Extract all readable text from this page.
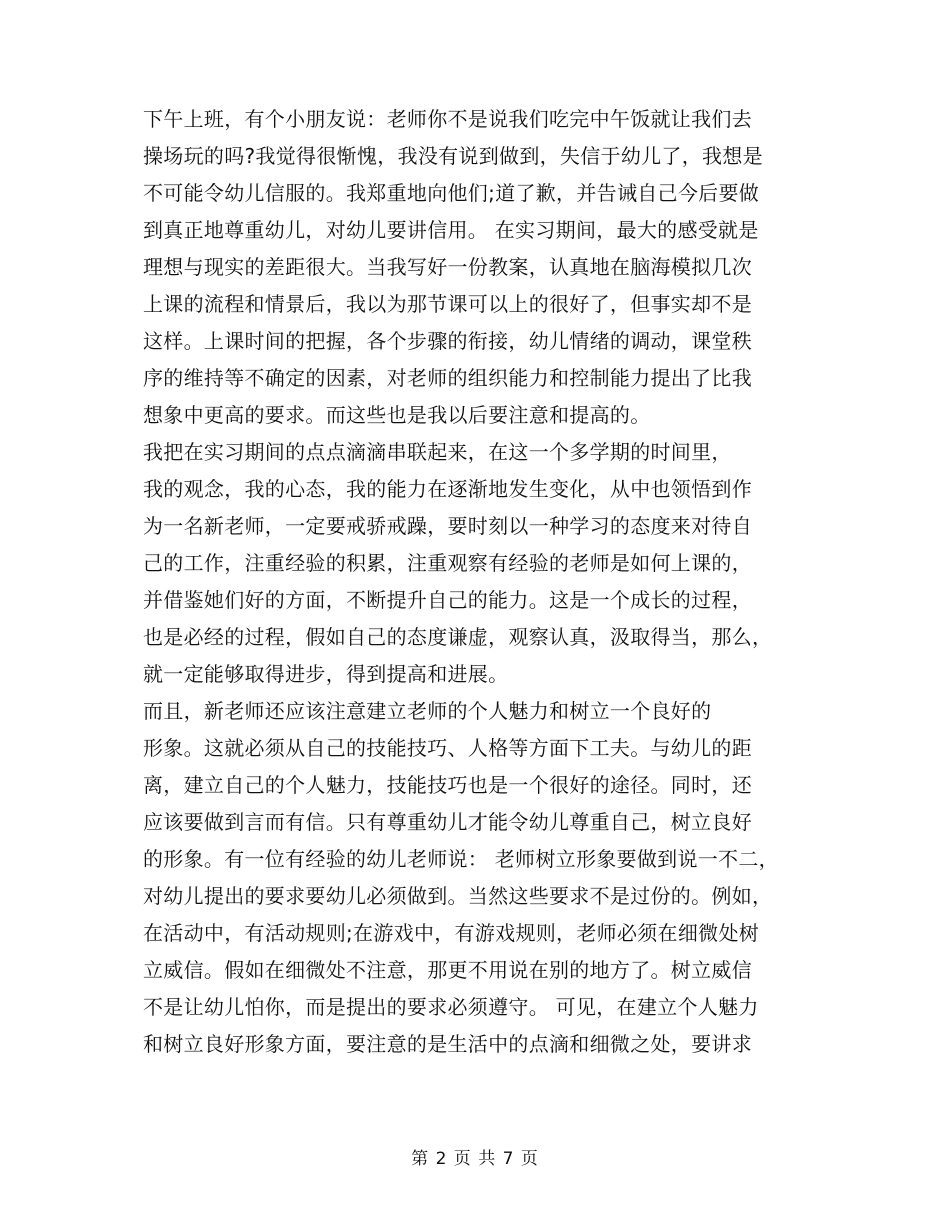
下午上班，有个小朋友说：老师你不是说我们吃完中午饭就让我们去
操场玩的吗?我觉得很惭愧，我没有说到做到，失信于幼儿了，我想是
不可能令幼儿信服的。我郑重地向他们;道了歉，并告诫自己今后要做
到真正地尊重幼儿，对幼儿要讲信用。 在实习期间，最大的感受就是
理想与现实的差距很大。当我写好一份教案，认真地在脑海模拟几次
上课的流程和情景后，我以为那节课可以上的很好了，但事实却不是
这样。上课时间的把握，各个步骤的衔接，幼儿情绪的调动，课堂秩
序的维持等不确定的因素，对老师的组织能力和控制能力提出了比我
想象中更高的要求。而这些也是我以后要注意和提高的。
我把在实习期间的点点滴滴串联起来，在这一个多学期的时间里，
我的观念，我的心态，我的能力在逐渐地发生变化，从中也领悟到作
为一名新老师，一定要戒骄戒躁，要时刻以一种学习的态度来对待自
己的工作，注重经验的积累，注重观察有经验的老师是如何上课的，
并借鉴她们好的方面，不断提升自己的能力。这是一个成长的过程，
也是必经的过程，假如自己的态度谦虚，观察认真，汲取得当，那么，
就一定能够取得进步，得到提高和进展。
而且，新老师还应该注意建立老师的个人魅力和树立一个良好的
形象。这就必须从自己的技能技巧、人格等方面下工夫。与幼儿的距
离，建立自己的个人魅力，技能技巧也是一个很好的途径。同时，还
应该要做到言而有信。只有尊重幼儿才能令幼儿尊重自己，树立良好
的形象。有一位有经验的幼儿老师说： 老师树立形象要做到说一不二，
对幼儿提出的要求要幼儿必须做到。当然这些要求不是过份的。例如，
在活动中，有活动规则;在游戏中，有游戏规则，老师必须在细微处树
立威信。假如在细微处不注意，那更不用说在别的地方了。树立威信
不是让幼儿怕你，而是提出的要求必须遵守。 可见，在建立个人魅力
和树立良好形象方面，要注意的是生活中的点滴和细微之处，要讲求
第 2 页 共 7 页
